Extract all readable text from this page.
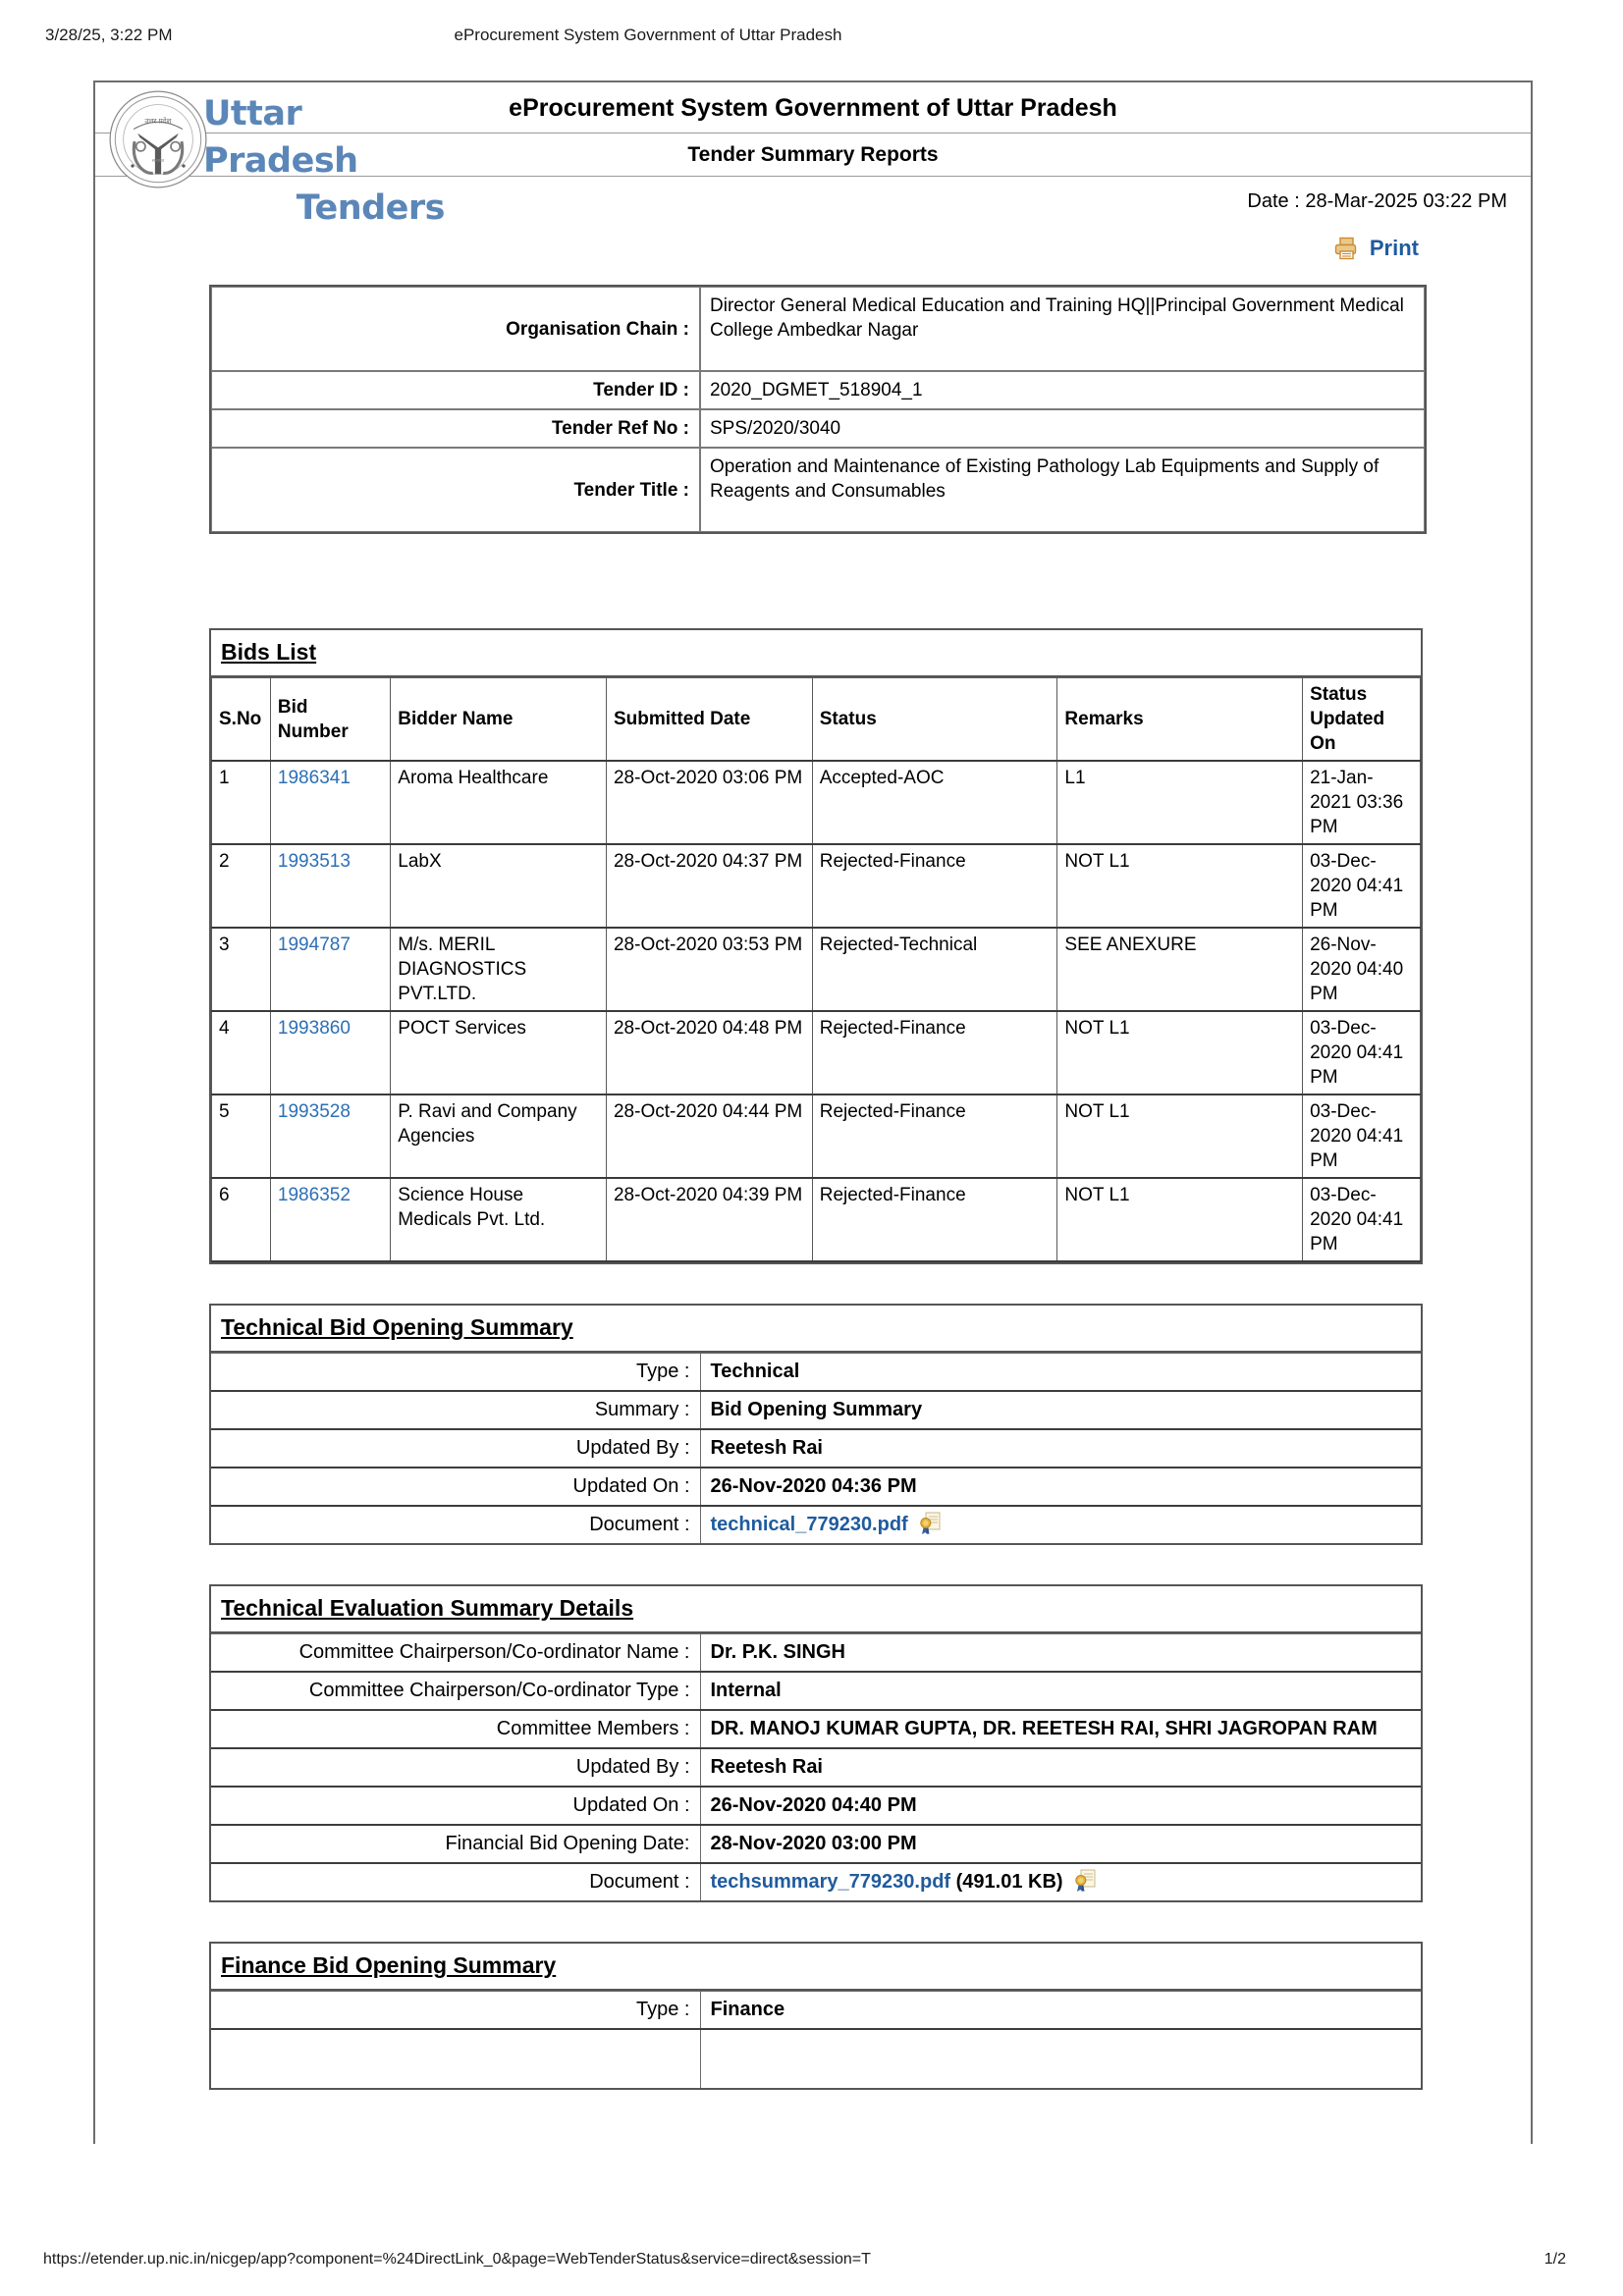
3/28/25, 3:22 PM	eProcurement System Government of Uttar Pradesh
eProcurement System Government of Uttar Pradesh
Tender Summary Reports
Date : 28-Mar-2025 03:22 PM
उत्तर प्रदेश
सत्यमेव
Uttar Pradesh
Tenders
Print
Organisation Chain :	Director General Medical Education and Training HQ||Principal Government Medical College Ambedkar Nagar
Tender ID :	2020_DGMET_518904_1
Tender Ref No :	SPS/2020/3040
Tender Title :	Operation and Maintenance of Existing Pathology Lab Equipments and Supply of Reagents and Consumables
Bids List
S.No	Bid Number	Bidder Name	Submitted Date	Status	Remarks	Status Updated On
1	1986341	Aroma Healthcare	28-Oct-2020 03:06 PM	Accepted-AOC	L1	21-Jan-2021 03:36 PM
2	1993513	LabX	28-Oct-2020 04:37 PM	Rejected-Finance	NOT L1	03-Dec-2020 04:41 PM
3	1994787	M/s. MERIL DIAGNOSTICS PVT.LTD.	28-Oct-2020 03:53 PM	Rejected-Technical	SEE ANEXURE	26-Nov-2020 04:40 PM
4	1993860	POCT Services	28-Oct-2020 04:48 PM	Rejected-Finance	NOT L1	03-Dec-2020 04:41 PM
5	1993528	P. Ravi and Company Agencies	28-Oct-2020 04:44 PM	Rejected-Finance	NOT L1	03-Dec-2020 04:41 PM
6	1986352	Science House Medicals Pvt. Ltd.	28-Oct-2020 04:39 PM	Rejected-Finance	NOT L1	03-Dec-2020 04:41 PM
Technical Bid Opening Summary
Type :	Technical
Summary :	Bid Opening Summary
Updated By :	Reetesh Rai
Updated On :	26-Nov-2020 04:36 PM
Document :	technical_779230.pdf
Technical Evaluation Summary Details
Committee Chairperson/Co-ordinator Name :	Dr. P.K. SINGH
Committee Chairperson/Co-ordinator Type :	Internal
Committee Members :	DR. MANOJ KUMAR GUPTA, DR. REETESH RAI, SHRI JAGROPAN RAM
Updated By :	Reetesh Rai
Updated On :	26-Nov-2020 04:40 PM
Financial Bid Opening Date:	28-Nov-2020 03:00 PM
Document :	techsummary_779230.pdf (491.01 KB)
Finance Bid Opening Summary
Type :	Finance

https://etender.up.nic.in/nicgep/app?component=%24DirectLink_0&page=WebTenderStatus&service=direct&session=T	1/2
